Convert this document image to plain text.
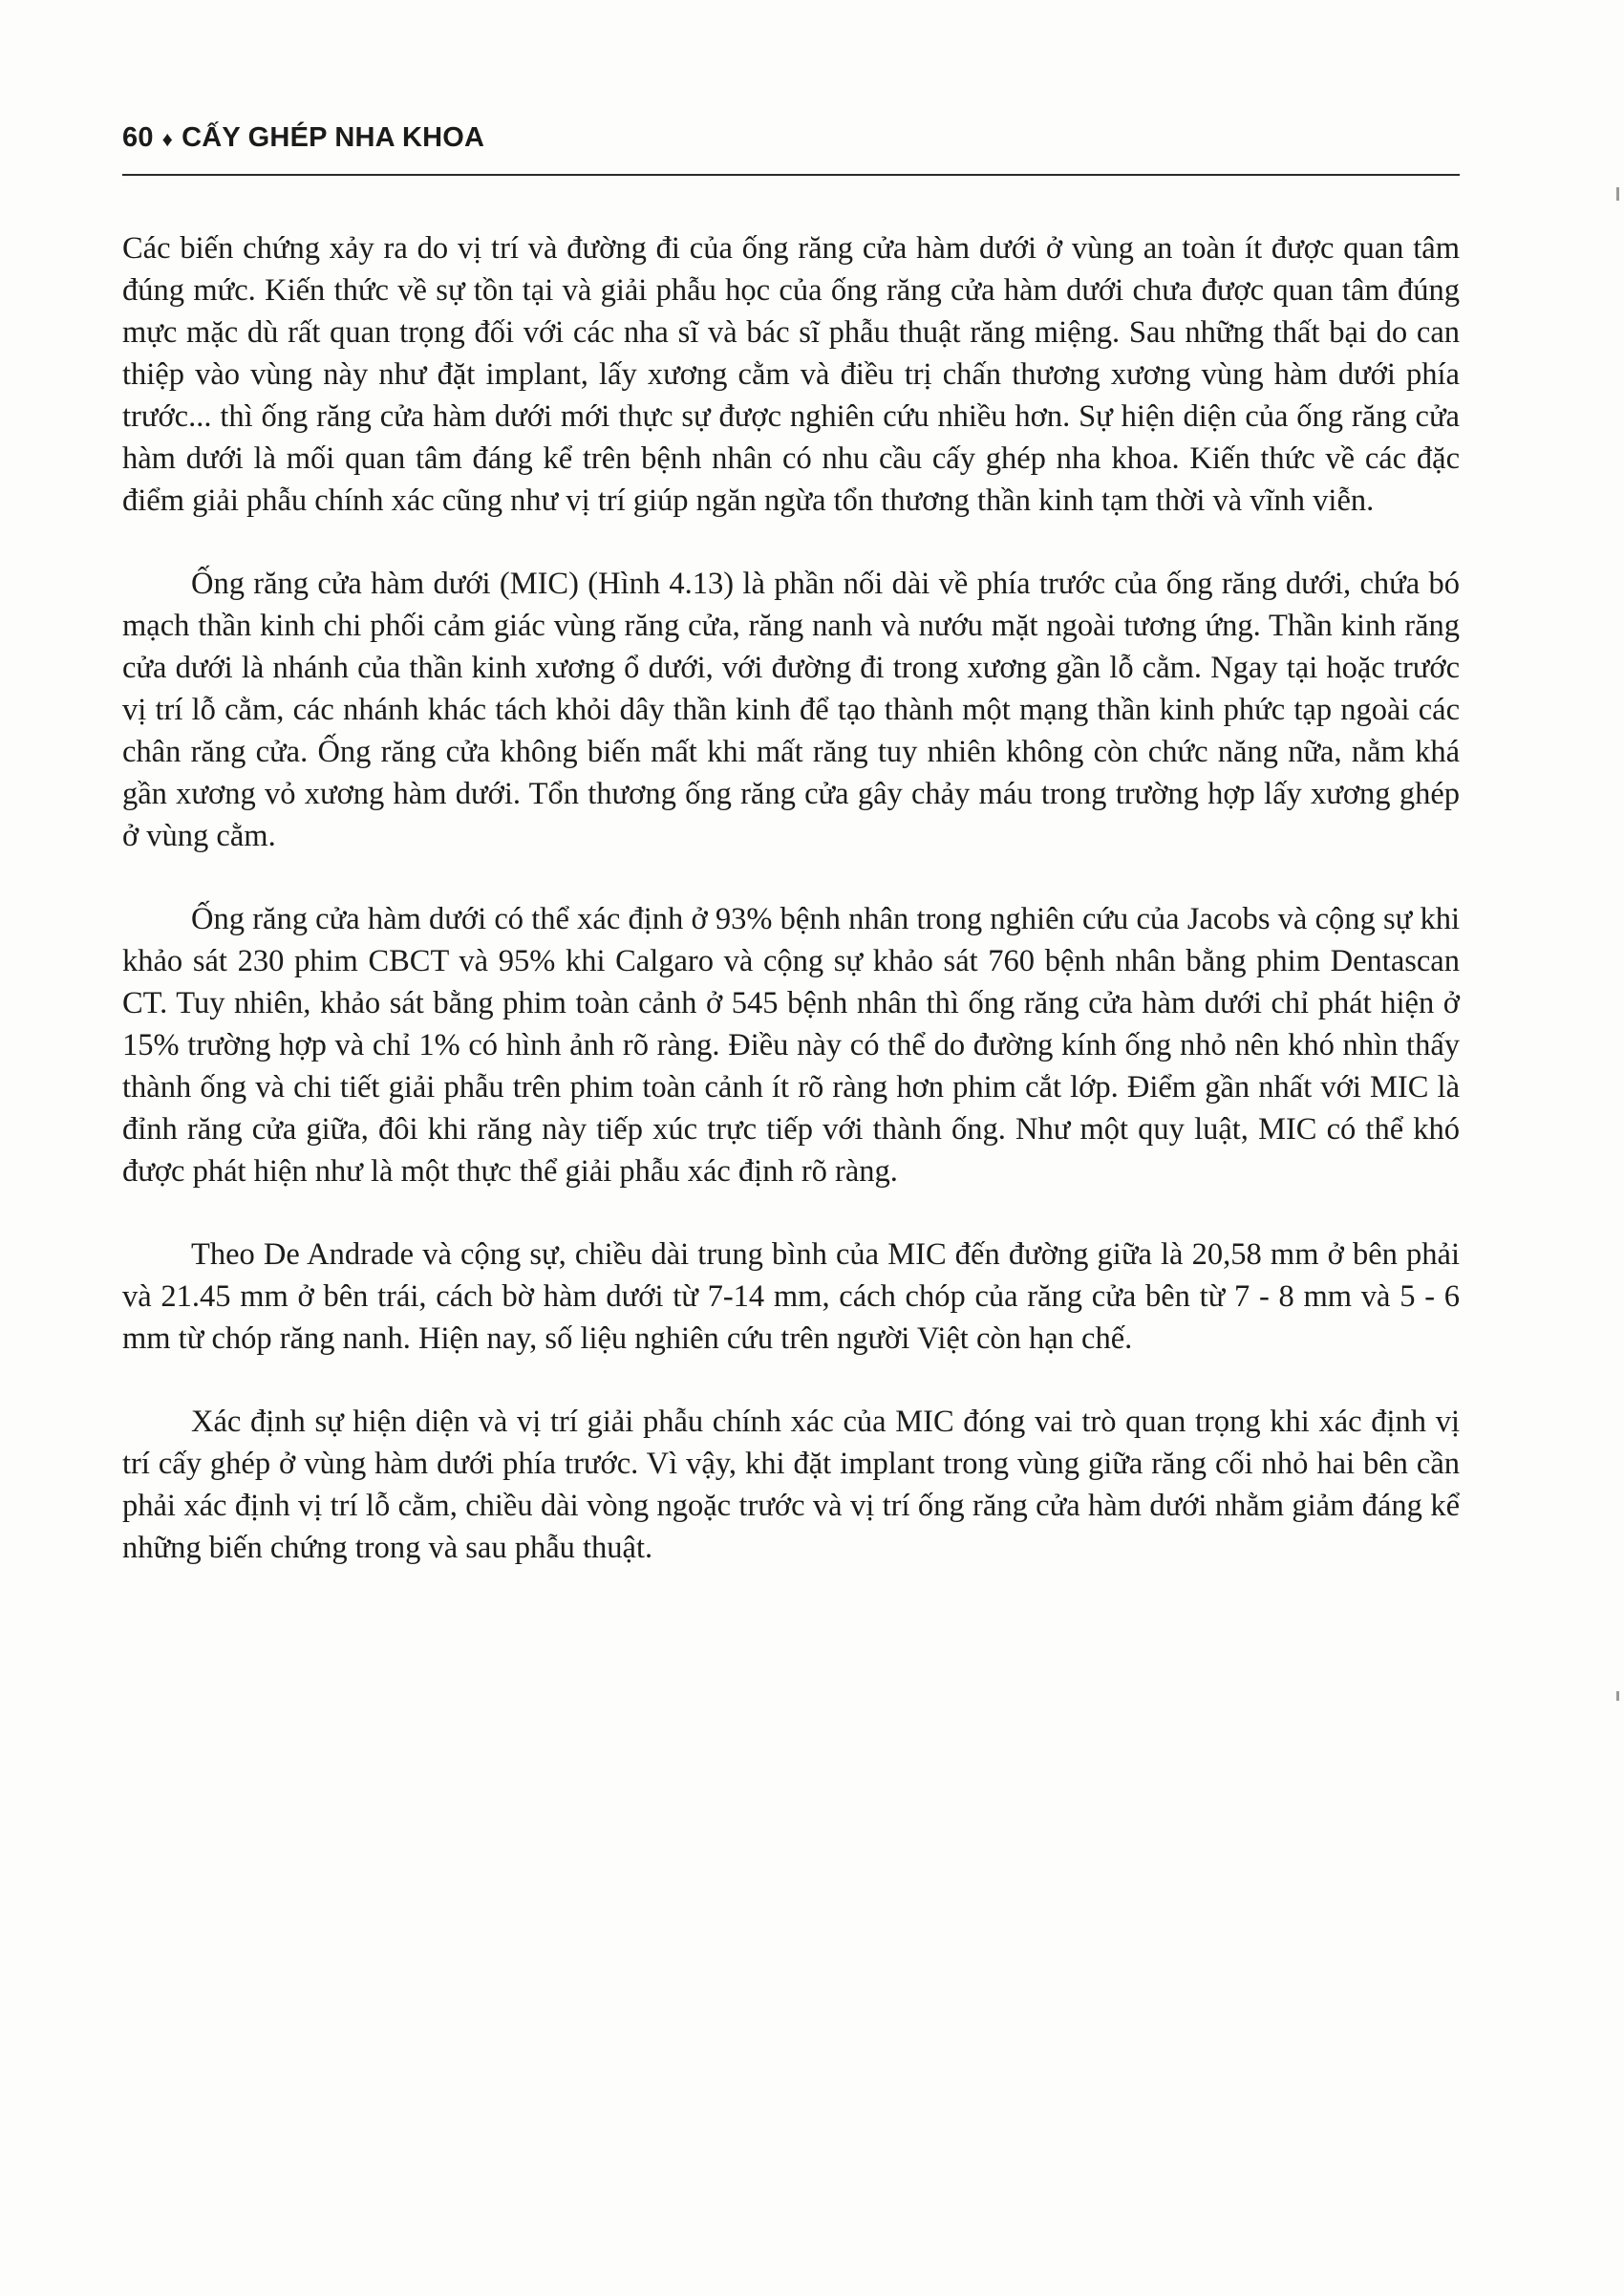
60 ♦ CẤY GHÉP NHA KHOA

Các biến chứng xảy ra do vị trí và đường đi của ống răng cửa hàm dưới ở vùng an toàn ít được quan tâm đúng mức. Kiến thức về sự tồn tại và giải phẫu học của ống răng cửa hàm dưới chưa được quan tâm đúng mực mặc dù rất quan trọng đối với các nha sĩ và bác sĩ phẫu thuật răng miệng. Sau những thất bại do can thiệp vào vùng này như đặt implant, lấy xương cằm và điều trị chấn thương xương vùng hàm dưới phía trước... thì ống răng cửa hàm dưới mới thực sự được nghiên cứu nhiều hơn. Sự hiện diện của ống răng cửa hàm dưới là mối quan tâm đáng kể trên bệnh nhân có nhu cầu cấy ghép nha khoa. Kiến thức về các đặc điểm giải phẫu chính xác cũng như vị trí giúp ngăn ngừa tổn thương thần kinh tạm thời và vĩnh viễn.

Ống răng cửa hàm dưới (MIC) (Hình 4.13) là phần nối dài về phía trước của ống răng dưới, chứa bó mạch thần kinh chi phối cảm giác vùng răng cửa, răng nanh và nướu mặt ngoài tương ứng. Thần kinh răng cửa dưới là nhánh của thần kinh xương ổ dưới, với đường đi trong xương gần lỗ cằm. Ngay tại hoặc trước vị trí lỗ cằm, các nhánh khác tách khỏi dây thần kinh để tạo thành một mạng thần kinh phức tạp ngoài các chân răng cửa. Ống răng cửa không biến mất khi mất răng tuy nhiên không còn chức năng nữa, nằm khá gần xương vỏ xương hàm dưới. Tổn thương ống răng cửa gây chảy máu trong trường hợp lấy xương ghép ở vùng cằm.

Ống răng cửa hàm dưới có thể xác định ở 93% bệnh nhân trong nghiên cứu của Jacobs và cộng sự khi khảo sát 230 phim CBCT và 95% khi Calgaro và cộng sự khảo sát 760 bệnh nhân bằng phim Dentascan CT. Tuy nhiên, khảo sát bằng phim toàn cảnh ở 545 bệnh nhân thì ống răng cửa hàm dưới chỉ phát hiện ở 15% trường hợp và chỉ 1% có hình ảnh rõ ràng. Điều này có thể do đường kính ống nhỏ nên khó nhìn thấy thành ống và chi tiết giải phẫu trên phim toàn cảnh ít rõ ràng hơn phim cắt lớp. Điểm gần nhất với MIC là đỉnh răng cửa giữa, đôi khi răng này tiếp xúc trực tiếp với thành ống. Như một quy luật, MIC có thể khó được phát hiện như là một thực thể giải phẫu xác định rõ ràng.

Theo De Andrade và cộng sự, chiều dài trung bình của MIC đến đường giữa là 20,58 mm ở bên phải và 21.45 mm ở bên trái, cách bờ hàm dưới từ 7-14 mm, cách chóp của răng cửa bên từ 7 - 8 mm và 5 - 6 mm từ chóp răng nanh. Hiện nay, số liệu nghiên cứu trên người Việt còn hạn chế.

Xác định sự hiện diện và vị trí giải phẫu chính xác của MIC đóng vai trò quan trọng khi xác định vị trí cấy ghép ở vùng hàm dưới phía trước. Vì vậy, khi đặt implant trong vùng giữa răng cối nhỏ hai bên cần phải xác định vị trí lỗ cằm, chiều dài vòng ngoặc trước và vị trí ống răng cửa hàm dưới nhằm giảm đáng kể những biến chứng trong và sau phẫu thuật.
